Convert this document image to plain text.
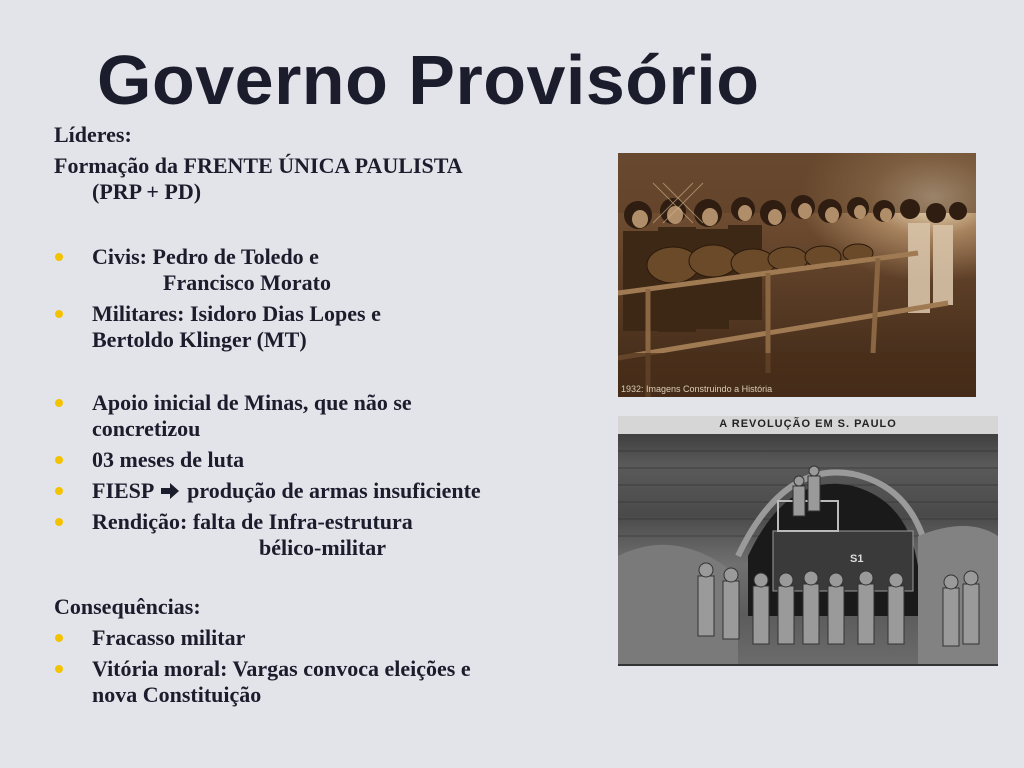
Governo Provisório
Líderes:
Formação da FRENTE ÚNICA PAULISTA
(PRP + PD)
Civis: Pedro de Toledo e

Francisco Morato
Militares: Isidoro Dias Lopes e
Bertoldo Klinger (MT)
Apoio inicial de Minas, que não se
concretizou
03 meses de luta
FIESP produção de armas insuficiente
Rendição: falta de Infra-estrutura

bélico-militar
Consequências:
Fracasso militar
Vitória moral: Vargas convoca eleições e
nova Constituição
1932: Imagens Construindo a História
S1
A REVOLUÇÃO EM S. PAULO
